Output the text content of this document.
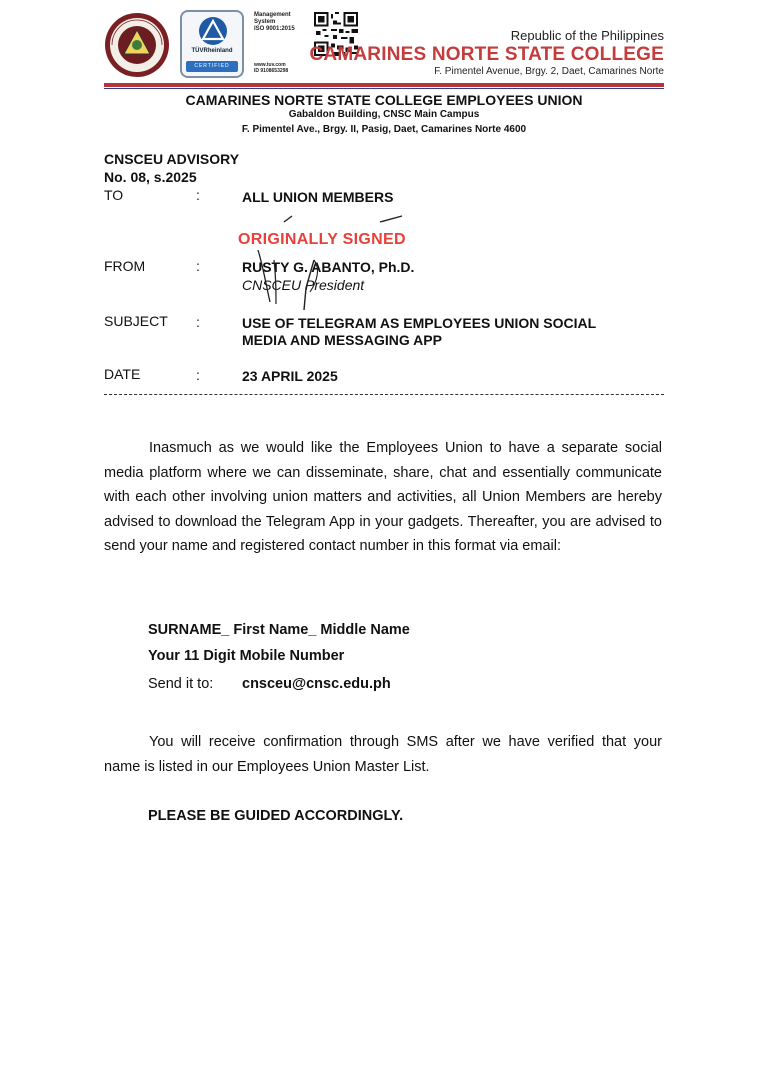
TÜVRheinland
CERTIFIED
Management
System
ISO 9001:2015
www.tuv.com
ID 9108653298
Republic of the Philippines
CAMARINES NORTE STATE COLLEGE
F. Pimentel Avenue, Brgy. 2, Daet, Camarines Norte
CAMARINES NORTE STATE COLLEGE EMPLOYEES UNION
Gabaldon Building, CNSC Main Campus
F. Pimentel Ave., Brgy. II, Pasig, Daet, Camarines Norte 4600
CNSCEU ADVISORY
No. 08, s.2025
TO	:	ALL UNION MEMBERS
ORIGINALLY SIGNED
FROM	:	RUSTY G. ABANTO, Ph.D.
CNSCEU President
SUBJECT :	USE OF TELEGRAM AS EMPLOYEES UNION SOCIAL
MEDIA AND MESSAGING APP
DATE	:	23 APRIL 2025
Inasmuch as we would like the Employees Union to have a separate social media platform where we can disseminate, share, chat and essentially communicate with each other involving union matters and activities, all Union Members are hereby advised to download the Telegram App in your gadgets. Thereafter, you are advised to send your name and registered contact number in this format via email:
SURNAME_ First Name_ Middle Name
Your 11 Digit Mobile Number
Send it to: cnsceu@cnsc.edu.ph
You will receive confirmation through SMS after we have verified that your name is listed in our Employees Union Master List.
PLEASE BE GUIDED ACCORDINGLY.
